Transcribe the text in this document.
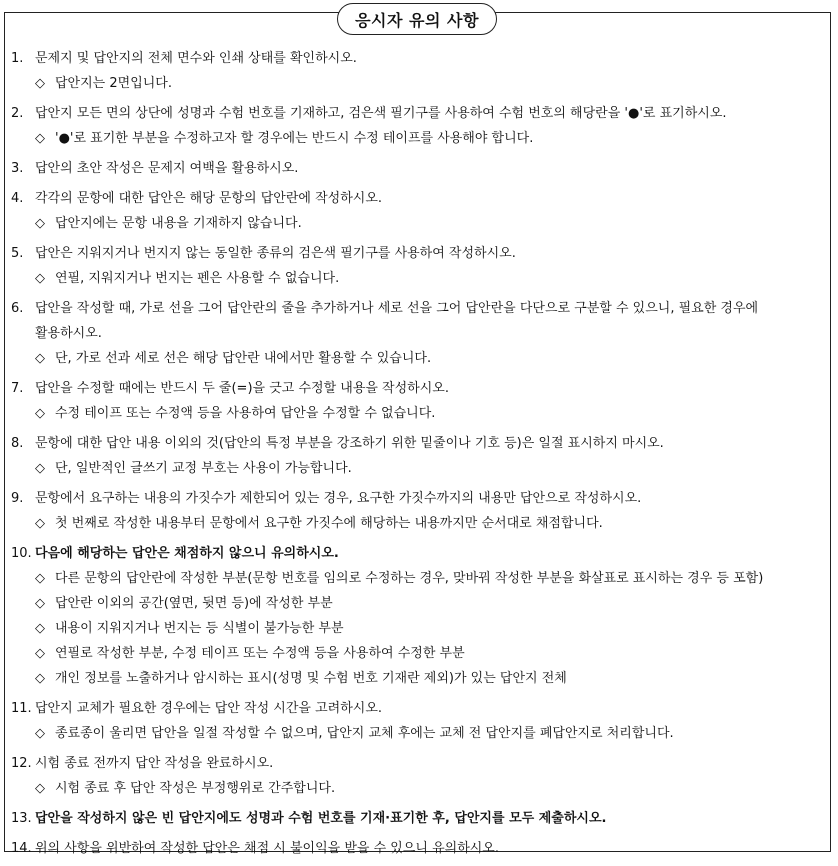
응시자 유의 사항
1. 문제지 및 답안지의 전체 면수와 인쇄 상태를 확인하시오.
◇ 답안지는 2면입니다.
2. 답안지 모든 면의 상단에 성명과 수험 번호를 기재하고, 검은색 필기구를 사용하여 수험 번호의 해당란을 '●'로 표기하시오.
◇ '●'로 표기한 부분을 수정하고자 할 경우에는 반드시 수정 테이프를 사용해야 합니다.
3. 답안의 초안 작성은 문제지 여백을 활용하시오.
4. 각각의 문항에 대한 답안은 해당 문항의 답안란에 작성하시오.
◇ 답안지에는 문항 내용을 기재하지 않습니다.
5. 답안은 지워지거나 번지지 않는 동일한 종류의 검은색 필기구를 사용하여 작성하시오.
◇ 연필, 지워지거나 번지는 펜은 사용할 수 없습니다.
6. 답안을 작성할 때, 가로 선을 그어 답안란의 줄을 추가하거나 세로 선을 그어 답안란을 다단으로 구분할 수 있으니, 필요한 경우에
활용하시오.
◇ 단, 가로 선과 세로 선은 해당 답안란 내에서만 활용할 수 있습니다.
7. 답안을 수정할 때에는 반드시 두 줄(=)을 긋고 수정할 내용을 작성하시오.
◇ 수정 테이프 또는 수정액 등을 사용하여 답안을 수정할 수 없습니다.
8. 문항에 대한 답안 내용 이외의 것(답안의 특정 부분을 강조하기 위한 밑줄이나 기호 등)은 일절 표시하지 마시오.
◇ 단, 일반적인 글쓰기 교정 부호는 사용이 가능합니다.
9. 문항에서 요구하는 내용의 가짓수가 제한되어 있는 경우, 요구한 가짓수까지의 내용만 답안으로 작성하시오.
◇ 첫 번째로 작성한 내용부터 문항에서 요구한 가짓수에 해당하는 내용까지만 순서대로 채점합니다.
10. 다음에 해당하는 답안은 채점하지 않으니 유의하시오.
◇ 다른 문항의 답안란에 작성한 부분(문항 번호를 임의로 수정하는 경우, 맞바꿔 작성한 부분을 화살표로 표시하는 경우 등 포함)
◇ 답안란 이외의 공간(옆면, 뒷면 등)에 작성한 부분
◇ 내용이 지워지거나 번지는 등 식별이 불가능한 부분
◇ 연필로 작성한 부분, 수정 테이프 또는 수정액 등을 사용하여 수정한 부분
◇ 개인 정보를 노출하거나 암시하는 표시(성명 및 수험 번호 기재란 제외)가 있는 답안지 전체
11. 답안지 교체가 필요한 경우에는 답안 작성 시간을 고려하시오.
◇ 종료종이 울리면 답안을 일절 작성할 수 없으며, 답안지 교체 후에는 교체 전 답안지를 폐답안지로 처리합니다.
12. 시험 종료 전까지 답안 작성을 완료하시오.
◇ 시험 종료 후 답안 작성은 부정행위로 간주합니다.
13. 답안을 작성하지 않은 빈 답안지에도 성명과 수험 번호를 기재·표기한 후, 답안지를 모두 제출하시오.
14. 위의 사항을 위반하여 작성한 답안은 채점 시 불이익을 받을 수 있으니 유의하시오.
